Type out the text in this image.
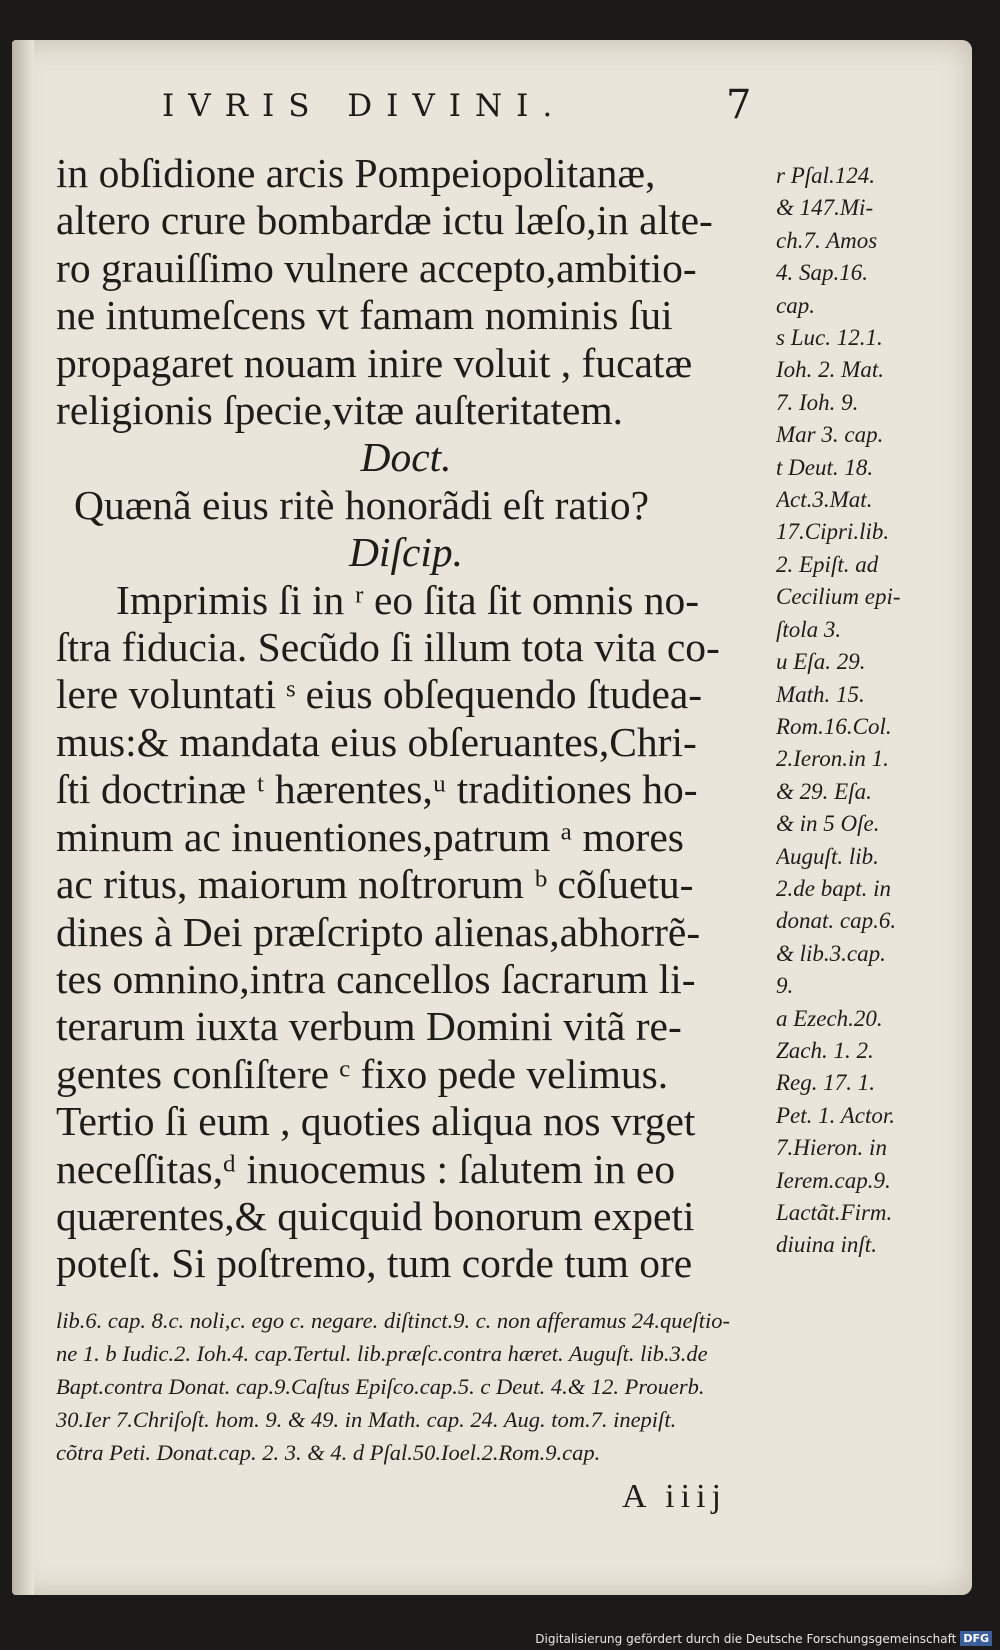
IVRIS DIVINI.	7
in obſidione arcis Pompeiopolitanæ,
altero crure bombardæ ictu læſo,in alte-
ro grauiſſimo vulnere accepto,ambitio-
ne intumeſcens vt famam nominis ſui
propagaret nouam inire voluit , fucatæ
religionis ſpecie,vitæ auſteritatem.
Doct.
Quænã eius ritè honorãdi eſt ratio?
Diſcip.
Imprimis ſi in ʳ eo ſita ſit omnis no-
ſtra fiducia. Secũdo ſi illum tota vita co-
lere voluntati ˢ eius obſequendo ſtudea-
mus:& mandata eius obſeruantes,Chri-
ſti doctrinæ ᵗ hærentes,ᵘ traditiones ho-
minum ac inuentiones,patrum ᵃ mores
ac ritus, maiorum noſtrorum ᵇ cõſuetu-
dines à Dei præſcripto alienas,abhorrẽ-
tes omnino,intra cancellos ſacrarum li-
terarum iuxta verbum Domini vitã re-
gentes conſiſtere ᶜ fixo pede velimus.
Tertio ſi eum , quoties aliqua nos vrget
neceſſitas,ᵈ inuocemus : ſalutem in eo
quærentes,& quicquid bonorum expeti
poteſt. Si poſtremo, tum corde tum ore
r Pſal.124.
& 147.Mi-
ch.7. Amos
4. Sap.16.
cap.
s Luc. 12.1.
Ioh. 2. Mat.
7. Ioh. 9.
Mar 3. cap.
t Deut. 18.
Act.3.Mat.
17.Cipri.lib.
2. Epiſt. ad
Cecilium epi-
ſtola 3.
u Eſa. 29.
Math. 15.
Rom.16.Col.
2.Ieron.in 1.
& 29. Eſa.
& in 5 Oſe.
Auguſt. lib.
2.de bapt. in
donat. cap.6.
& lib.3.cap.
9.
a Ezech.20.
Zach. 1. 2.
Reg. 17. 1.
Pet. 1. Actor.
7.Hieron. in
Ierem.cap.9.
Lactãt.Firm.
diuina inſt.
lib.6. cap. 8.c. noli,c. ego c. negare. diſtinct.9. c. non afferamus 24.queſtio-
ne 1. b Iudic.2. Ioh.4. cap.Tertul. lib.præſc.contra hæret. Auguſt. lib.3.de
Bapt.contra Donat. cap.9.Caſtus Epiſco.cap.5. c Deut. 4.& 12. Prouerb.
30.Ier 7.Chriſoſt. hom. 9. & 49. in Math. cap. 24. Aug. tom.7. inepiſt.
cõtra Peti. Donat.cap. 2. 3. & 4. d Pſal.50.Ioel.2.Rom.9.cap.
A iiij
Digitalisierung gefördert durch die Deutsche Forschungsgemeinschaft DFG
